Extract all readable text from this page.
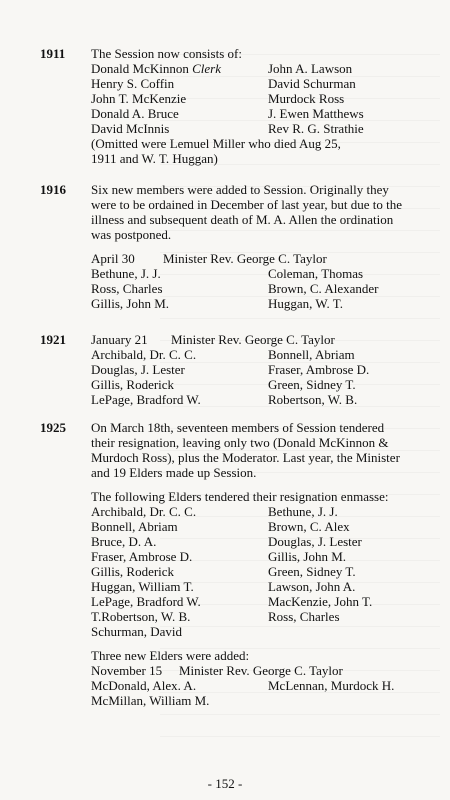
1911 The Session now consists of:

Donald McKinnon Clerk	John A. Lawson
Henry S. Coffin	David Schurman
John T. McKenzie	Murdock Ross
Donald A. Bruce	J. Ewen Matthews
David McInnis	Rev R. G. Strathie

(Omitted were Lemuel Miller who died Aug 25,

1911 and W. T. Huggan)

1916 Six new members were added to Session. Originally they

were to be ordained in December of last year, but due to the

illness and subsequent death of M. A. Allen the ordination

was postponed.

April 30	Minister Rev. George C. Taylor
Bethune, J. J.	Coleman, Thomas
Ross, Charles	Brown, C. Alexander
Gillis, John M.	Huggan, W. T.
1921 January 21	Minister Rev. George C. Taylor
Archibald, Dr. C. C.	Bonnell, Abriam
Douglas, J. Lester	Fraser, Ambrose D.
Gillis, Roderick	Green, Sidney T.
LePage, Bradford W.	Robertson, W. B.
1925 On March 18th, seventeen members of Session tendered

their resignation, leaving only two (Donald McKinnon &

Murdoch Ross), plus the Moderator. Last year, the Minister

and 19 Elders made up Session.

The following Elders tendered their resignation enmasse:

Archibald, Dr. C. C.	Bethune, J. J.
Bonnell, Abriam	Brown, C. Alex
Bruce, D. A.	Douglas, J. Lester
Fraser, Ambrose D.	Gillis, John M.
Gillis, Roderick	Green, Sidney T.
Huggan, William T.	Lawson, John A.
LePage, Bradford W.	MacKenzie, John T.
T.Robertson, W. B.	Ross, Charles
Schurman, David

Three new Elders were added:

November 15	Minister Rev. George C. Taylor
McDonald, Alex. A.	McLennan, Murdock H.
McMillan, William M.
- 152 -
